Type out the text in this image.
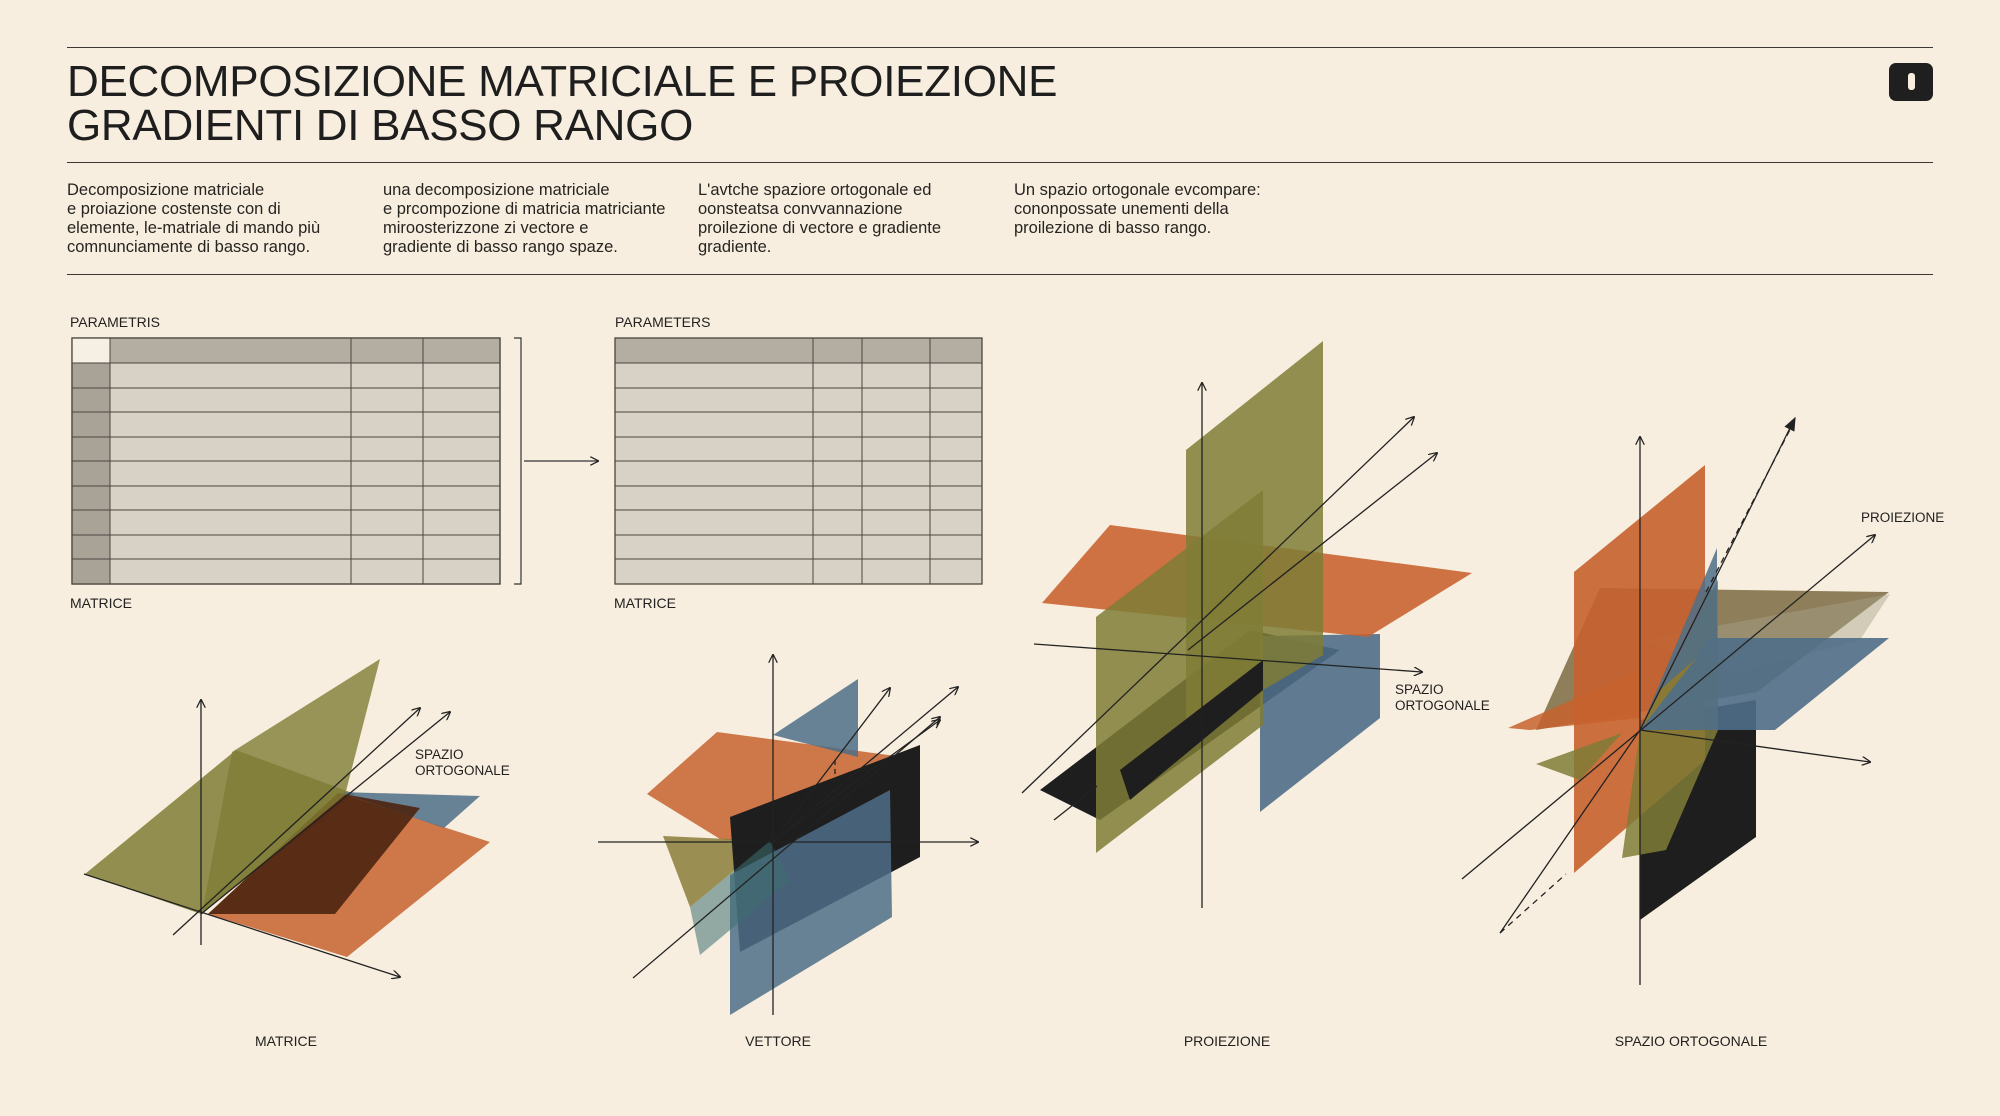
DECOMPOSIZIONE MATRICIALE E PROIEZIONE
GRADIENTI DI BASSO RANGO

Decomposizione matriciale
e proiazione costenste con di
elemente, le-matriale di mando più
comnunciamente di basso rango.

una decomposizione matriciale
e prcompozione di matricia matriciante
miroosterizzone zi vectore e
gradiente di basso rango spaze.

L'avtche spaziore ortogonale ed
oonsteatsa convvannazione
proilezione di vectore e gradiente
gradiente.

Un spazio ortogonale evcompare:
cononpossate unementi della
proilezione di basso rango.

PARAMETRIS
MATRICE
PARAMETERS
MATRICE
SPAZIO
ORTOGONALE
SPAZIO
ORTOGONALE
PROIEZIONE
MATRICE	VETTORE	PROIEZIONE	SPAZIO ORTOGONALE
